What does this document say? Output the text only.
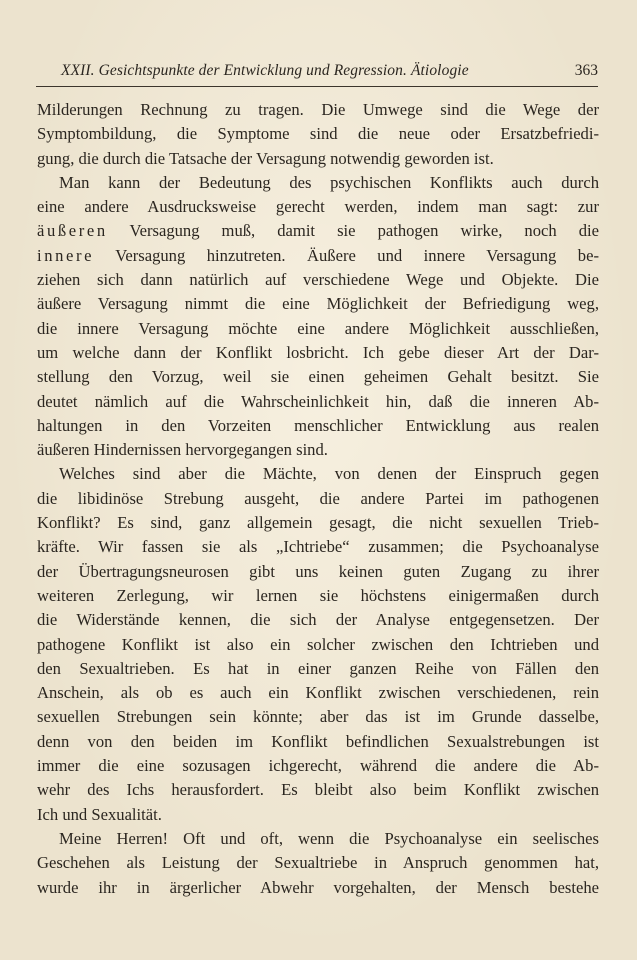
XXII. Gesichtspunkte der Entwicklung und Regression. Ätiologie	363
Milderungen Rechnung zu tragen. Die Umwege sind die Wege der
Symptombildung, die Symptome sind die neue oder Ersatzbefriedi-
gung, die durch die Tatsache der Versagung notwendig geworden ist.
Man kann der Bedeutung des psychischen Konflikts auch durch
eine andere Ausdrucksweise gerecht werden, indem man sagt: zur
äußeren Versagung muß, damit sie pathogen wirke, noch die
innere Versagung hinzutreten. Äußere und innere Versagung be-
ziehen sich dann natürlich auf verschiedene Wege und Objekte. Die
äußere Versagung nimmt die eine Möglichkeit der Befriedigung weg,
die innere Versagung möchte eine andere Möglichkeit ausschließen,
um welche dann der Konflikt losbricht. Ich gebe dieser Art der Dar-
stellung den Vorzug, weil sie einen geheimen Gehalt besitzt. Sie
deutet nämlich auf die Wahrscheinlichkeit hin, daß die inneren Ab-
haltungen in den Vorzeiten menschlicher Entwicklung aus realen
äußeren Hindernissen hervorgegangen sind.
Welches sind aber die Mächte, von denen der Einspruch gegen
die libidinöse Strebung ausgeht, die andere Partei im pathogenen
Konflikt? Es sind, ganz allgemein gesagt, die nicht sexuellen Trieb-
kräfte. Wir fassen sie als „Ichtriebe“ zusammen; die Psychoanalyse
der Übertragungsneurosen gibt uns keinen guten Zugang zu ihrer
weiteren Zerlegung, wir lernen sie höchstens einigermaßen durch
die Widerstände kennen, die sich der Analyse entgegensetzen. Der
pathogene Konflikt ist also ein solcher zwischen den Ichtrieben und
den Sexualtrieben. Es hat in einer ganzen Reihe von Fällen den
Anschein, als ob es auch ein Konflikt zwischen verschiedenen, rein
sexuellen Strebungen sein könnte; aber das ist im Grunde dasselbe,
denn von den beiden im Konflikt befindlichen Sexualstrebungen ist
immer die eine sozusagen ichgerecht, während die andere die Ab-
wehr des Ichs herausfordert. Es bleibt also beim Konflikt zwischen
Ich und Sexualität.
Meine Herren! Oft und oft, wenn die Psychoanalyse ein seelisches
Geschehen als Leistung der Sexualtriebe in Anspruch genommen hat,
wurde ihr in ärgerlicher Abwehr vorgehalten, der Mensch bestehe
